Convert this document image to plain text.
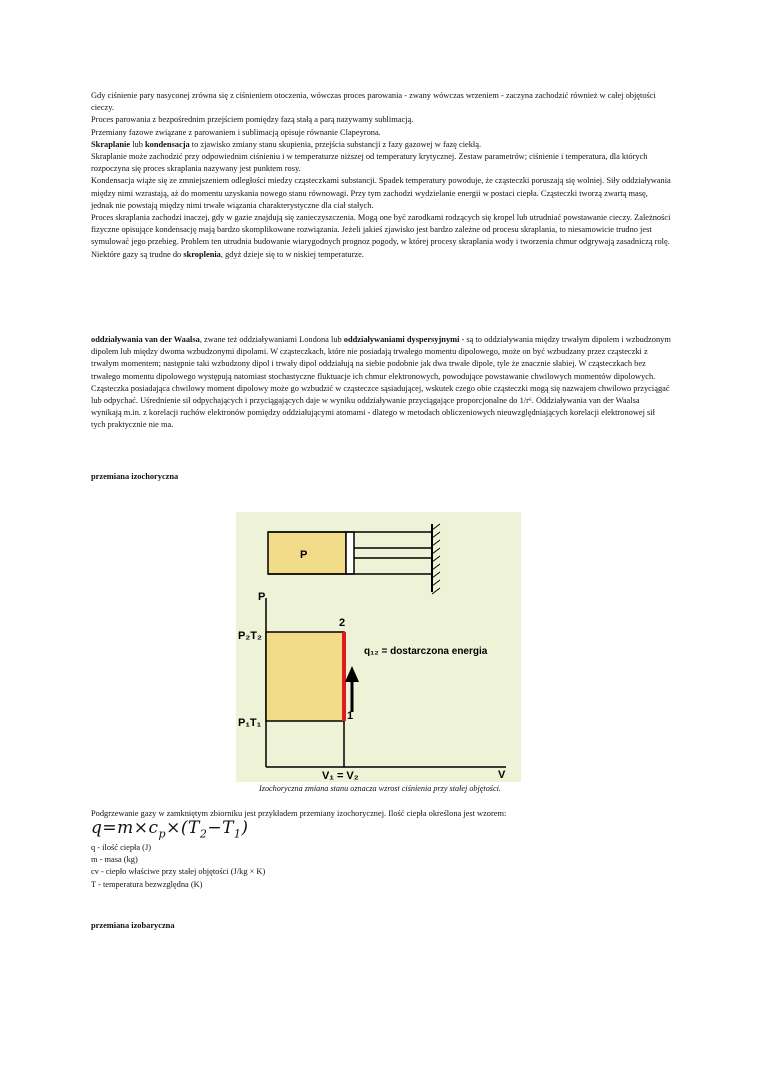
Gdy ciśnienie pary nasyconej zrówna się z ciśnieniem otoczenia, wówczas proces parowania - zwany wówczas wrzeniem - zaczyna zachodzić również w całej objętości cieczy.

Proces parowania z bezpośrednim przejściem pomiędzy fazą stałą a parą nazywamy sublimacją.

Przemiany fazowe związane z parowaniem i sublimacją opisuje równanie Clapeyrona.

Skraplanie lub kondensacja to zjawisko zmiany stanu skupienia, przejścia substancji z fazy gazowej w fazę ciekłą.

Skraplanie może zachodzić przy odpowiednim ciśnieniu i w temperaturze niższej od temperatury krytycznej. Zestaw parametrów; ciśnienie i temperatura, dla których rozpoczyna się proces skraplania nazywany jest punktem rosy.

Kondensacja wiąże się ze zmniejszeniem odległości miedzy cząsteczkami substancji. Spadek temperatury powoduje, że cząsteczki poruszają się wolniej. Siły oddziaływania między nimi wzrastają, aż do momentu uzyskania nowego stanu równowagi. Przy tym zachodzi wydzielanie energii w postaci ciepła. Cząsteczki tworzą zwartą masę, jednak nie powstają między nimi trwałe wiązania charakterystyczne dla ciał stałych.

Proces skraplania zachodzi inaczej, gdy w gazie znajdują się zanieczyszczenia. Mogą one być zarodkami rodzących się kropel lub utrudniać powstawanie cieczy. Zależności fizyczne opisujące kondensację mają bardzo skomplikowane rozwiązania. Jeżeli jakieś zjawisko jest bardzo zależne od procesu skraplania, to niesamowicie trudno jest symulować jego przebieg. Problem ten utrudnia budowanie wiarygodnych prognoz pogody, w której procesy skraplania wody i tworzenia chmur odgrywają zasadniczą rolę.

Niektóre gazy są trudne do skroplenia, gdyż dzieje się to w niskiej temperaturze.

oddziaływania van der Waalsa, zwane też oddziaływaniami Londona lub oddziaływaniami dyspersyjnymi - są to oddziaływania między trwałym dipolem i wzbudzonym dipolem lub między dwoma wzbudzonymi dipolami. W cząsteczkach, które nie posiadają trwałego momentu dipolowego, może on być wzbudzany przez cząsteczki z trwałym momentem; następnie taki wzbudzony dipol i trwały dipol oddziałują na siebie podobnie jak dwa trwałe dipole, tyle że znacznie słabiej. W cząsteczkach bez trwałego momentu dipolowego występują natomiast stochastyczne fluktuacje ich chmur elektronowych, powodujące powstawanie chwilowych momentów dipolowych. Cząsteczka posiadająca chwilowy moment dipolowy może go wzbudzić w cząsteczce sąsiadującej, wskutek czego obie cząsteczki mogą się nazwajem chwilowo przyciągać lub odpychać. Uśrednienie sił odpychających i przyciągających daje w wyniku oddziaływanie przyciągające proporcjonalne do 1/r⁶. Oddziaływania van der Waalsa wynikają m.in. z korelacji ruchów elektronów pomiędzy oddziałującymi atomami - dlatego w metodach obliczeniowych nieuwzględniających korelacji elektronowej sił tych praktycznie nie ma.

przemiana izochoryczna
P
P
V
P₂T₂
P₁T₁
2
1
q₁₂ = dostarczona energia
V₁ = V₂
Izochoryczna zmiana stanu oznacza wzrost ciśnienia przy stałej objętości.
Podgrzewanie gazy w zamkniętym zbiorniku jest przykładem przemiany izochorycznej. Ilość ciepła określona jest wzorem:
$q=m\times c_p\times(T_2-T_1)$
q - ilość ciepła (J)
m - masa (kg)
cv - ciepło właściwe przy stałej objętości (J/kg × K)
T - temperatura bezwzględna (K)
przemiana izobaryczna
